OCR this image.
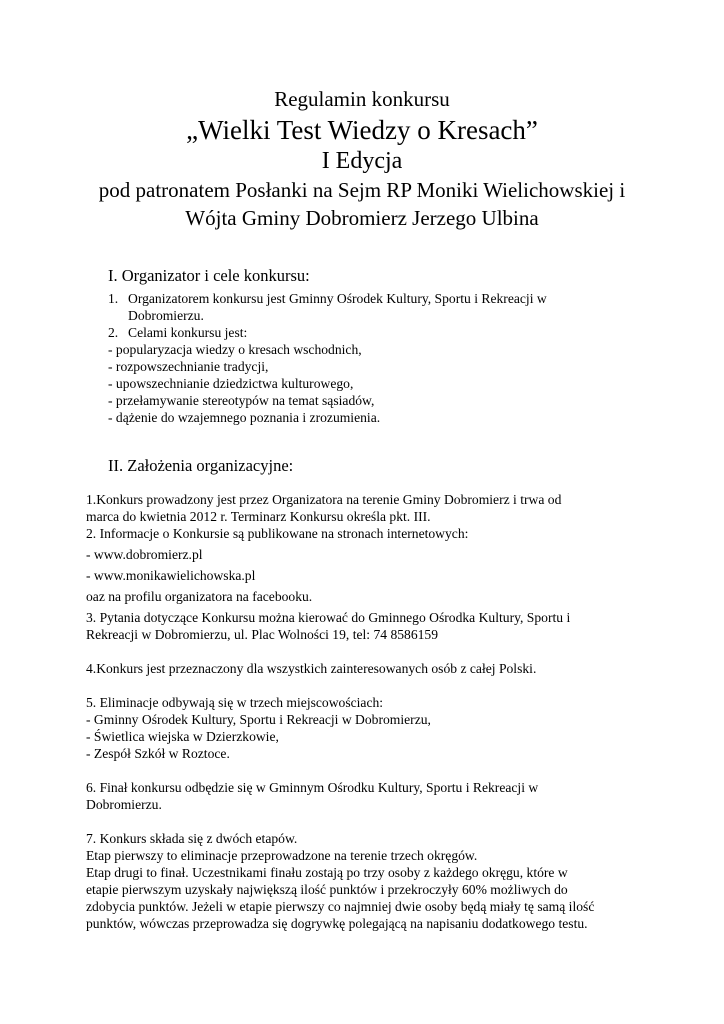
Regulamin konkursu
„Wielki Test Wiedzy o Kresach”
I Edycja
pod patronatem Posłanki na Sejm RP Moniki Wielichowskiej i
Wójta Gminy Dobromierz Jerzego Ulbina
I. Organizator i cele konkursu:
1. Organizatorem konkursu jest Gminny Ośrodek Kultury, Sportu i Rekreacji w
Dobromierzu.
2. Celami konkursu jest:
- popularyzacja wiedzy o kresach wschodnich,
- rozpowszechnianie tradycji,
- upowszechnianie dziedzictwa kulturowego,
- przełamywanie stereotypów na temat sąsiadów,
- dążenie do wzajemnego poznania i zrozumienia.
II. Założenia organizacyjne:
1.Konkurs prowadzony jest przez Organizatora na terenie Gminy Dobromierz i trwa od
marca do kwietnia 2012 r. Terminarz Konkursu określa pkt. III.
2. Informacje o Konkursie są publikowane na stronach internetowych:
- www.dobromierz.pl
- www.monikawielichowska.pl
oaz na profilu organizatora na facebooku.
3. Pytania dotyczące Konkursu można kierować do Gminnego Ośrodka Kultury, Sportu i
Rekreacji w Dobromierzu, ul. Plac Wolności 19, tel: 74 8586159
4.Konkurs jest przeznaczony dla wszystkich zainteresowanych osób z całej Polski.
5. Eliminacje odbywają się w trzech miejscowościach:
- Gminny Ośrodek Kultury, Sportu i Rekreacji w Dobromierzu,
- Świetlica wiejska w Dzierzkowie,
- Zespół Szkół w Roztoce.
6. Finał konkursu odbędzie się w Gminnym Ośrodku Kultury, Sportu i Rekreacji w
Dobromierzu.
7. Konkurs składa się z dwóch etapów.
Etap pierwszy to eliminacje przeprowadzone na terenie trzech okręgów.
Etap drugi to finał. Uczestnikami finału zostają po trzy osoby z każdego okręgu, które w
etapie pierwszym uzyskały największą ilość punktów i przekroczyły 60% możliwych do
zdobycia punktów. Jeżeli w etapie pierwszy co najmniej dwie osoby będą miały tę samą ilość
punktów, wówczas przeprowadza się dogrywkę polegającą na napisaniu dodatkowego testu.
